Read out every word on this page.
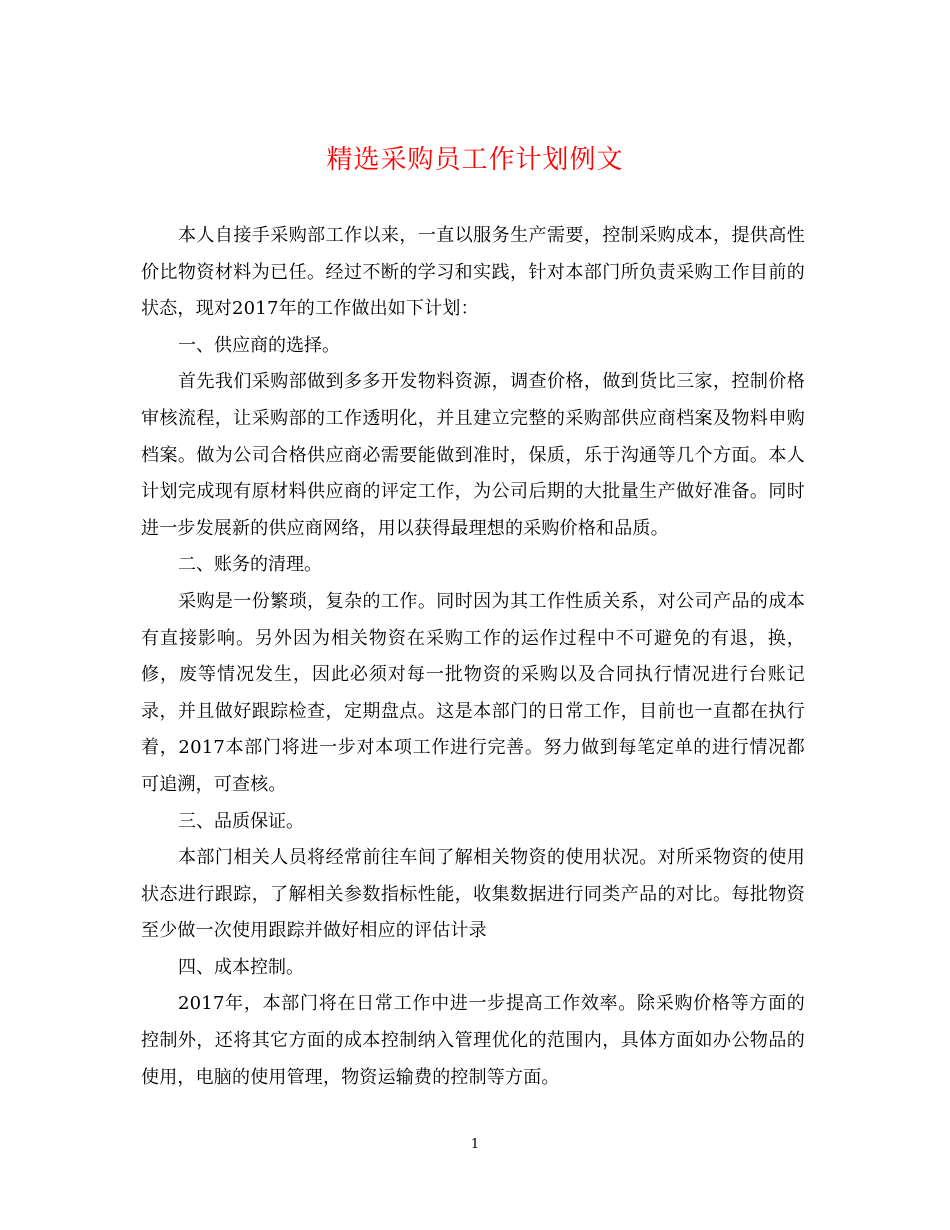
精选采购员工作计划例文

本人自接手采购部工作以来，一直以服务生产需要，控制采购成本，提供高性价比物资材料为已任。经过不断的学习和实践，针对本部门所负责采购工作目前的状态，现对2017年的工作做出如下计划：

一、供应商的选择。

首先我们采购部做到多多开发物料资源，调查价格，做到货比三家，控制价格审核流程，让采购部的工作透明化，并且建立完整的采购部供应商档案及物料申购档案。做为公司合格供应商必需要能做到准时，保质，乐于沟通等几个方面。本人计划完成现有原材料供应商的评定工作，为公司后期的大批量生产做好准备。同时进一步发展新的供应商网络，用以获得最理想的采购价格和品质。

二、账务的清理。

采购是一份繁琐，复杂的工作。同时因为其工作性质关系，对公司产品的成本有直接影响。另外因为相关物资在采购工作的运作过程中不可避免的有退，换，修，废等情况发生，因此必须对每一批物资的采购以及合同执行情况进行台账记录，并且做好跟踪检查，定期盘点。这是本部门的日常工作，目前也一直都在执行着，2017本部门将进一步对本项工作进行完善。努力做到每笔定单的进行情况都可追溯，可查核。

三、品质保证。

本部门相关人员将经常前往车间了解相关物资的使用状况。对所采物资的使用状态进行跟踪，了解相关参数指标性能，收集数据进行同类产品的对比。每批物资至少做一次使用跟踪并做好相应的评估计录

四、成本控制。

2017年，本部门将在日常工作中进一步提高工作效率。除采购价格等方面的控制外，还将其它方面的成本控制纳入管理优化的范围内，具体方面如办公物品的使用，电脑的使用管理，物资运输费的控制等方面。

1
